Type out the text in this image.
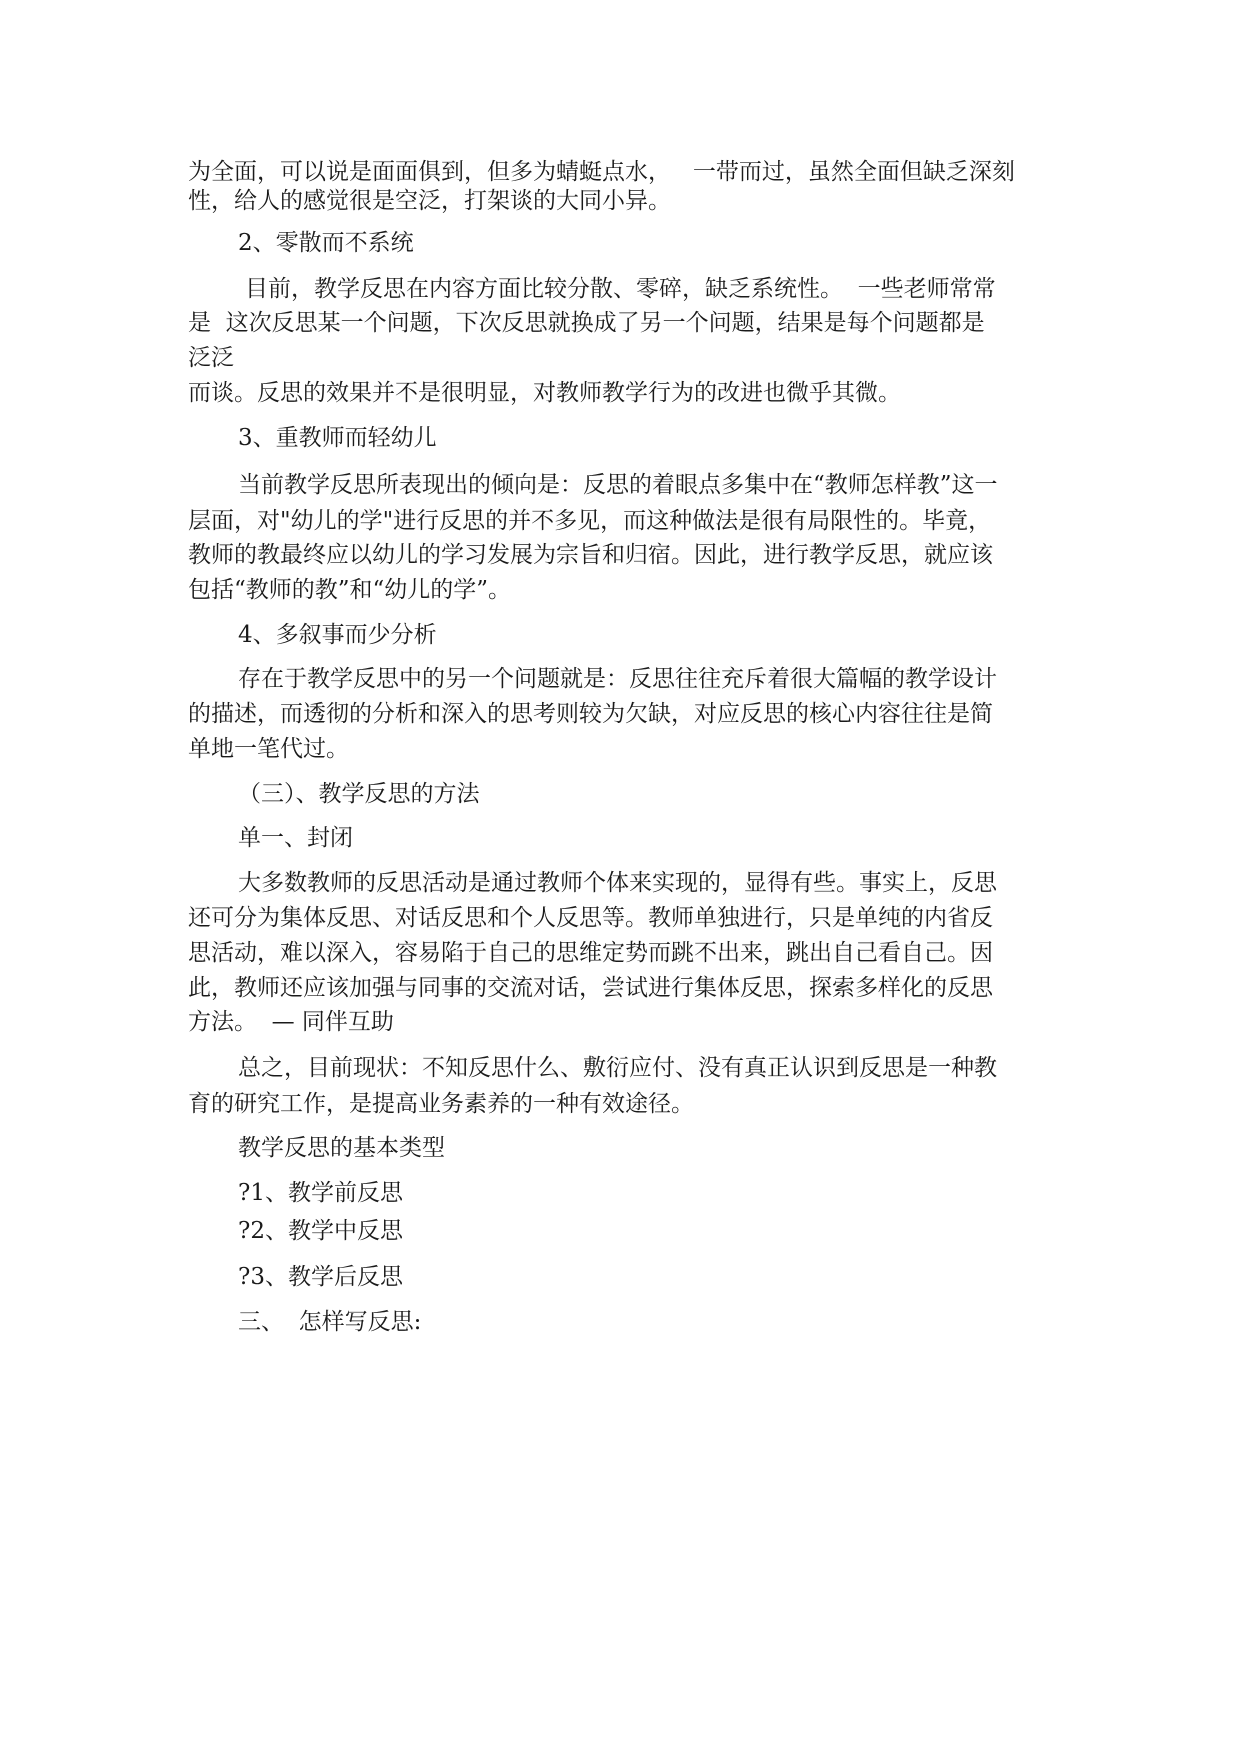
为全面，可以说是面面俱到，但多为蜻蜓点水，   一带而过，虽然全面但缺乏深刻
性，给人的感觉很是空泛，打架谈的大同小异。
2、零散而不系统
目前，教学反思在内容方面比较分散、零碎，缺乏系统性。  一些老师常常
是  这次反思某一个问题，下次反思就换成了另一个问题，结果是每个问题都是
泛泛
而谈。反思的效果并不是很明显，对教师教学行为的改进也微乎其微。
3、重教师而轻幼儿
当前教学反思所表现出的倾向是：反思的着眼点多集中在“教师怎样教”这一
层面，对"幼儿的学"进行反思的并不多见，而这种做法是很有局限性的。毕竟，
教师的教最终应以幼儿的学习发展为宗旨和归宿。因此，进行教学反思，就应该
包括“教师的教”和“幼儿的学”。
4、多叙事而少分析
存在于教学反思中的另一个问题就是：反思往往充斥着很大篇幅的教学设计
的描述，而透彻的分析和深入的思考则较为欠缺，对应反思的核心内容往往是简
单地一笔代过。
（三）、教学反思的方法
单一、封闭
大多数教师的反思活动是通过教师个体来实现的，显得有些。事实上，反思
还可分为集体反思、对话反思和个人反思等。教师单独进行，只是单纯的内省反
思活动，难以深入，容易陷于自己的思维定势而跳不出来，跳出自己看自己。因
此，教师还应该加强与同事的交流对话，尝试进行集体反思，探索多样化的反思
方法。  — 同伴互助
总之，目前现状：不知反思什么、敷衍应付、没有真正认识到反思是一种教
育的研究工作，是提高业务素养的一种有效途径。
教学反思的基本类型
?1、教学前反思
?2、教学中反思
?3、教学后反思
三、  怎样写反思:
